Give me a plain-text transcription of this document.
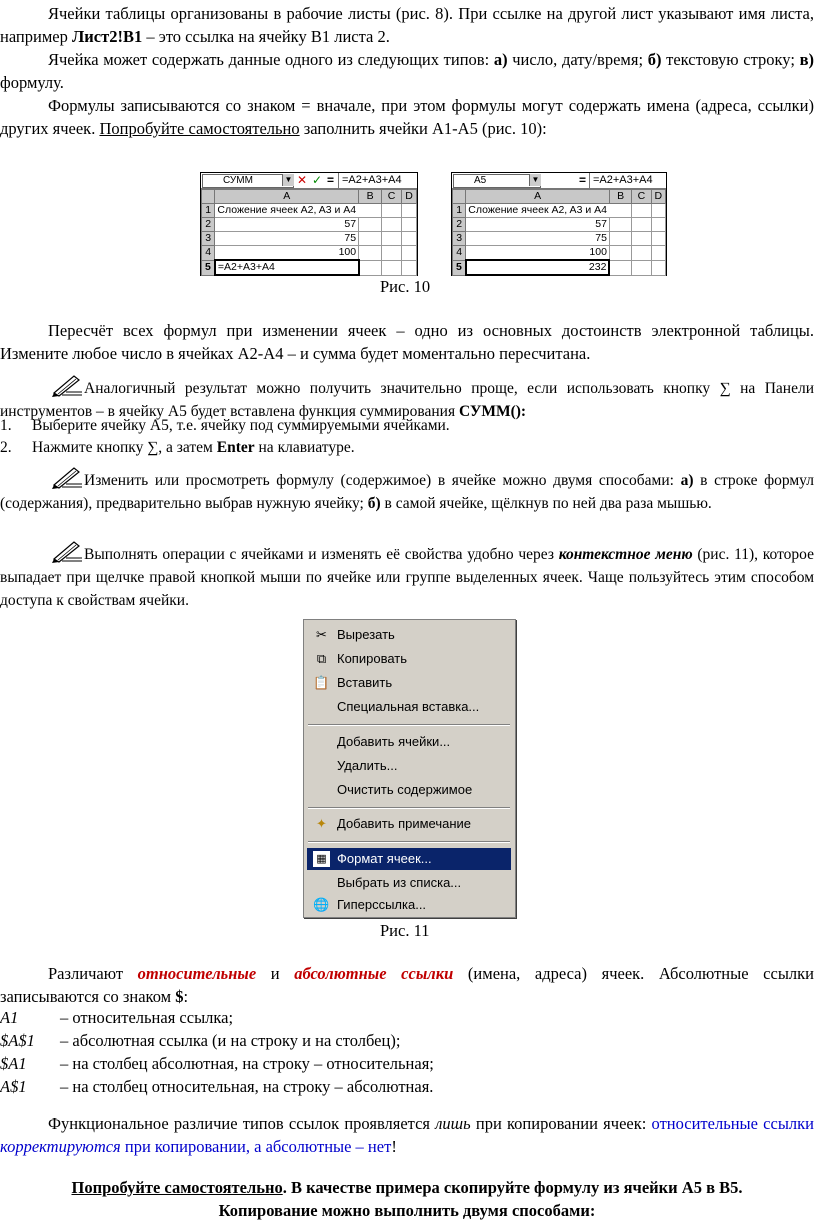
Ячейки таблицы организованы в рабочие листы (рис. 8). При ссылке на другой лист указывают имя листа, например Лист2!B1 – это ссылка на ячейку B1 листа 2.

Ячейка может содержать данные одного из следующих типов: а) число, дату/время; б) текстовую строку; в) формулу.

Формулы записываются со знаком = вначале, при этом формулы могут содержать имена (адреса, ссылки) других ячеек. Попробуйте самостоятельно заполнить ячейки А1-А5 (рис. 10):

СУММ	▼ ✕ ✓ = =A2+A3+A4
	A	B	C	D
1	Сложение ячеек A2, A3 и A4			
2	57			
3	75			
4	100			
5	=A2+A3+A4			
A5	▼	= =A2+A3+A4
	A	B	C	D
1	Сложение ячеек A2, A3 и A4			
2	57			
3	75			
4	100			
5	232			
Рис. 10

Пересчёт всех формул при изменении ячеек – одно из основных достоинств электронной таблицы. Измените любое число в ячейках А2-А4 – и сумма будет моментально пересчитана.

Аналогичный результат можно получить значительно проще, если использовать кнопку ∑ на Панели инструментов – в ячейку А5 будет вставлена функция суммирования СУММ():

1. Выберите ячейку А5, т.е. ячейку под суммируемыми ячейками.
2. Нажмите кнопку ∑, а затем Enter на клавиатуре.

Изменить или просмотреть формулу (содержимое) в ячейке можно двумя способами: а) в строке формул (содержания), предварительно выбрав нужную ячейку; б) в самой ячейке, щёлкнув по ней два раза мышью.

Выполнять операции с ячейками и изменять её свойства удобно через контекстное меню (рис. 11), которое выпадает при щелчке правой кнопкой мыши по ячейке или группе выделенных ячеек. Чаще пользуйтесь этим способом доступа к свойствам ячейки.

✂ Вырезать
⧉ Копировать
📋 Вставить
Специальная вставка...
Добавить ячейки...
Удалить...
Очистить содержимое
✦ Добавить примечание
▦ Формат ячеек...
Выбрать из списка...
🌐 Гиперссылка...
Рис. 11

Различают относительные и абсолютные ссылки (имена, адреса) ячеек. Абсолютные ссылки записываются со знаком $:

A1	– относительная ссылка;
$A$1 – абсолютная ссылка (и на строку и на столбец);
$A1 – на столбец абсолютная, на строку – относительная;
A$1 – на столбец относительная, на строку – абсолютная.

Функциональное различие типов ссылок проявляется лишь при копировании ячеек: относительные ссылки корректируются при копировании, а абсолютные – нет!

Попробуйте самостоятельно. В качестве примера скопируйте формулу из ячейки А5 в В5.
Копирование можно выполнить двумя способами:
